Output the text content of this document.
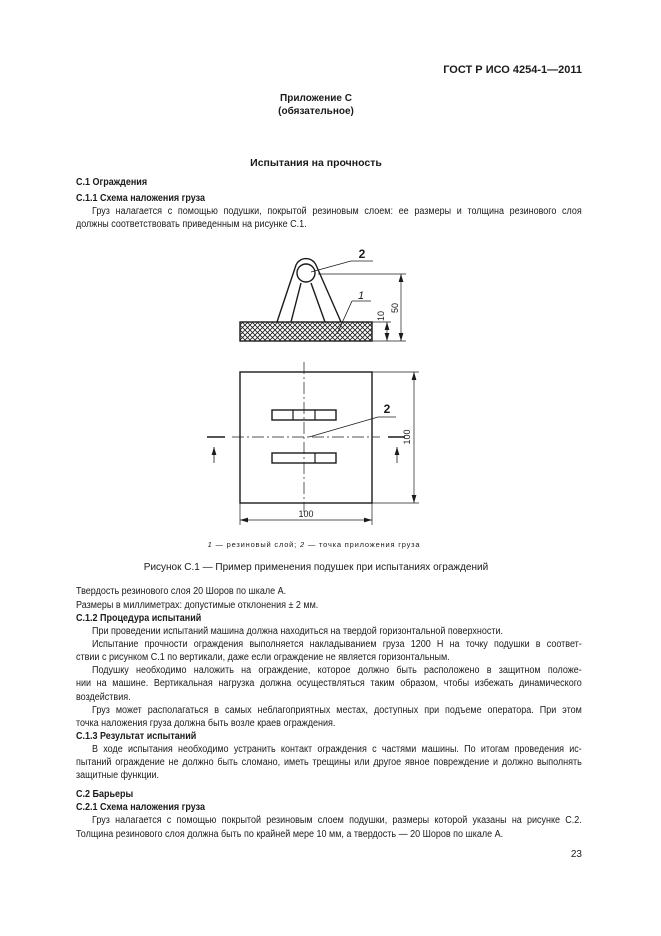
ГОСТ Р ИСО 4254-1—2011
Приложение С
(обязательное)
Испытания на прочность
С.1 Ограждения
С.1.1 Схема наложения груза
Груз налагается с помощью подушки, покрытой резиновым слоем: ее размеры и толщина резинового слоя
должны соответствовать приведенным на рисунке С.1.
50
10
2
1
2
100
100
1 — резиновый слой; 2 — точка приложения груза
Рисунок С.1 — Пример применения подушек при испытаниях ограждений
Твердость резинового слоя 20 Шоров по шкале А.
Размеры в миллиметрах: допустимые отклонения ± 2 мм.
С.1.2 Процедура испытаний
При проведении испытаний машина должна находиться на твердой горизонтальной поверхности.
Испытание прочности ограждения выполняется накладыванием груза 1200 Н на точку подушки в соответ-
ствии с рисунком С.1 по вертикали, даже если ограждение не является горизонтальным.
Подушку необходимо наложить на ограждение, которое должно быть расположено в защитном положе-
нии на машине. Вертикальная нагрузка должна осуществляться таким образом, чтобы избежать динамического
воздействия.
Груз может располагаться в самых неблагоприятных местах, доступных при подъеме оператора. При этом
точка наложения груза должна быть возле краев ограждения.
С.1.3 Результат испытаний
В ходе испытания необходимо устранить контакт ограждения с частями машины. По итогам проведения ис-
пытаний ограждение не должно быть сломано, иметь трещины или другое явное повреждение и должно выполнять
защитные функции.
С.2 Барьеры
С.2.1 Схема наложения груза
Груз налагается с помощью покрытой резиновым слоем подушки, размеры которой указаны на рисунке С.2.
Толщина резинового слоя должна быть по крайней мере 10 мм, а твердость — 20 Шоров по шкале А.
23
